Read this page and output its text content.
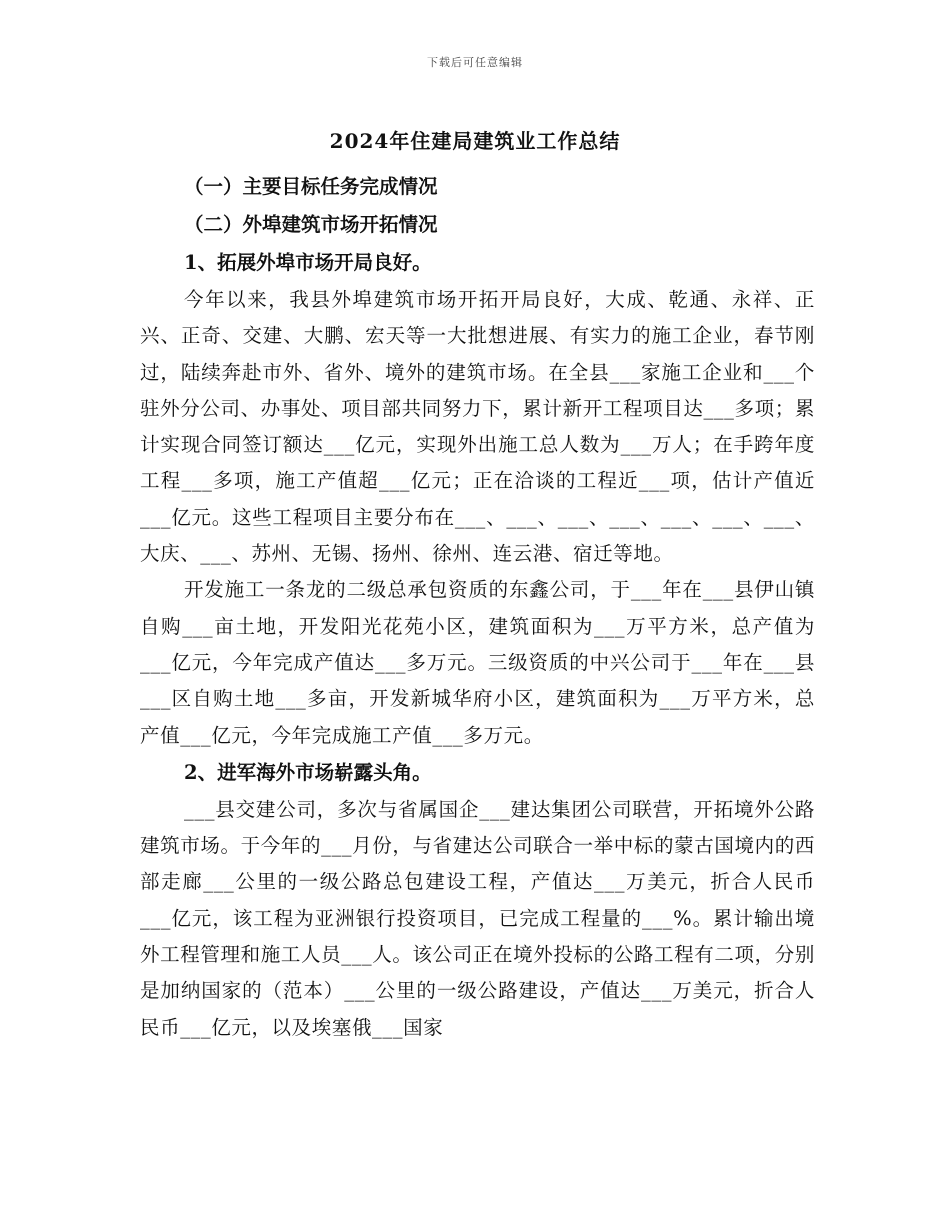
下载后可任意编辑
2024年住建局建筑业工作总结

（一）主要目标任务完成情况

（二）外埠建筑市场开拓情况

1、拓展外埠市场开局良好。

今年以来，我县外埠建筑市场开拓开局良好，大成、乾通、永祥、正兴、正奇、交建、大鹏、宏天等一大批想进展、有实力的施工企业，春节刚过，陆续奔赴市外、省外、境外的建筑市场。在全县___家施工企业和___个驻外分公司、办事处、项目部共同努力下，累计新开工程项目达___多项；累计实现合同签订额达___亿元，实现外出施工总人数为___万人；在手跨年度工程___多项，施工产值超___亿元；正在洽谈的工程近___项，估计产值近___亿元。这些工程项目主要分布在___、___、___、___、___、___、___、大庆、___、苏州、无锡、扬州、徐州、连云港、宿迁等地。

开发施工一条龙的二级总承包资质的东鑫公司，于___年在___县伊山镇自购___亩土地，开发阳光花苑小区，建筑面积为___万平方米，总产值为___亿元，今年完成产值达___多万元。三级资质的中兴公司于___年在___县___区自购土地___多亩，开发新城华府小区，建筑面积为___万平方米，总产值___亿元，今年完成施工产值___多万元。

2、进军海外市场崭露头角。

___县交建公司，多次与省属国企___建达集团公司联营，开拓境外公路建筑市场。于今年的___月份，与省建达公司联合一举中标的蒙古国境内的西部走廊___公里的一级公路总包建设工程，产值达___万美元，折合人民币___亿元，该工程为亚洲银行投资项目，已完成工程量的___%。累计输出境外工程管理和施工人员___人。该公司正在境外投标的公路工程有二项，分别是加纳国家的（范本）___公里的一级公路建设，产值达___万美元，折合人民币___亿元，以及埃塞俄___国家
